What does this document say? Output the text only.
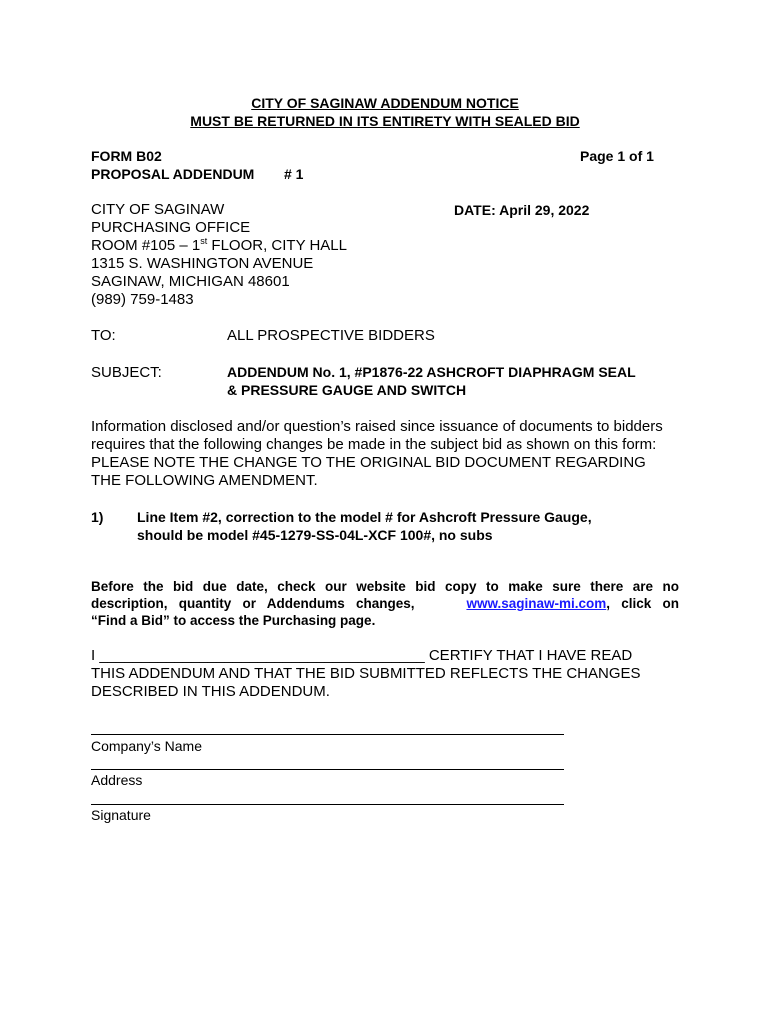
CITY OF SAGINAW ADDENDUM NOTICE
MUST BE RETURNED IN ITS ENTIRETY WITH SEALED BID
FORM B02	Page 1 of 1
PROPOSAL ADDENDUM # 1
CITY OF SAGINAW
PURCHASING OFFICE
ROOM #105 – 1st FLOOR, CITY HALL
1315 S. WASHINGTON AVENUE
SAGINAW, MICHIGAN 48601
(989) 759-1483
DATE: April 29, 2022
TO:	ALL PROSPECTIVE BIDDERS
SUBJECT:	ADDENDUM No. 1, #P1876-22 ASHCROFT DIAPHRAGM SEAL
& PRESSURE GAUGE AND SWITCH
Information disclosed and/or question’s raised since issuance of documents to bidders
requires that the following changes be made in the subject bid as shown on this form:
PLEASE NOTE THE CHANGE TO THE ORIGINAL BID DOCUMENT REGARDING
THE FOLLOWING AMENDMENT.
1) Line Item #2, correction to the model # for Ashcroft Pressure Gauge,
should be model #45-1279-SS-04L-XCF 100#, no subs
Before the bid due date, check our website bid copy to make sure there are no
description,   quantity   or   Addendums   changes,	www.saginaw-mi.com,   click   on
“Find a Bid” to access the Purchasing page.
I _______________________________________ CERTIFY THAT I HAVE READ
THIS ADDENDUM AND THAT THE BID SUBMITTED REFLECTS THE CHANGES
DESCRIBED IN THIS ADDENDUM.
Company’s Name
Address
Signature
